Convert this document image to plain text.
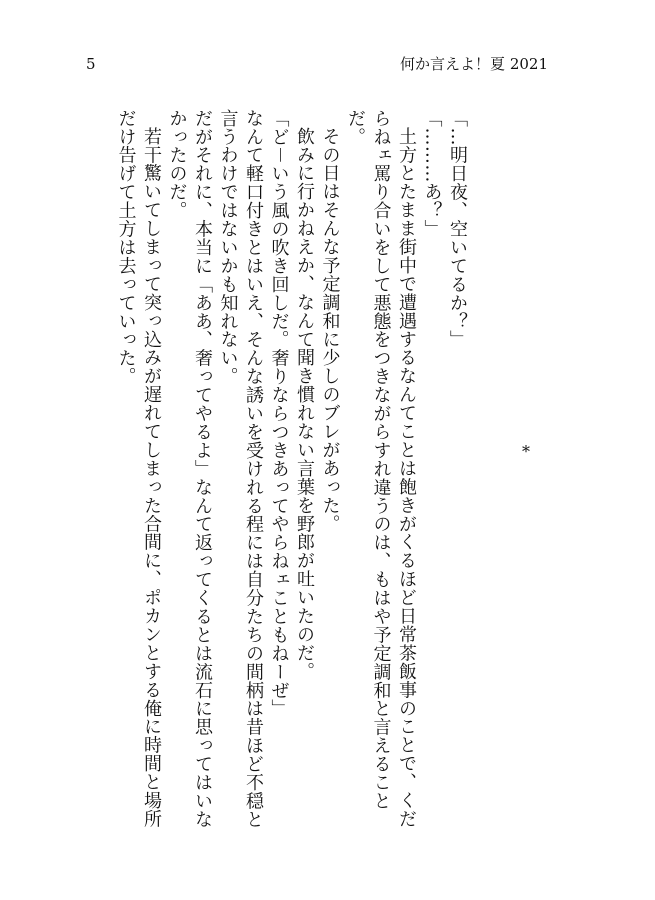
5	何か言えよ！夏 2021

「…明日夜、空いてるか？」

「………あ？」

土方とたまま街中で遭遇するなんてことは飽きがくるほど日常茶飯事のことで、くだらねェ罵り合いをして悪態をつきながらすれ違うのは、もはや予定調和と言えることだ。

その日はそんな予定調和に少しのブレがあった。

飲みに行かねえか、なんて聞き慣れない言葉を野郎が吐いたのだ。

「ど－いう風の吹き回しだ。奢りならつきあってやらねェこともねーぜ」

なんて軽口付きとはいえ、そんな誘いを受けれる程には自分たちの間柄は昔ほど不穏と言うわけではないかも知れない。

だがそれに、本当に「ああ、奢ってやるよ」なんて返ってくるとは流石に思ってはいなかったのだ。

若干驚いてしまって突っ込みが遅れてしまった合間に、ポカンとする俺に時間と場所だけ告げて土方は去っていった。

*
